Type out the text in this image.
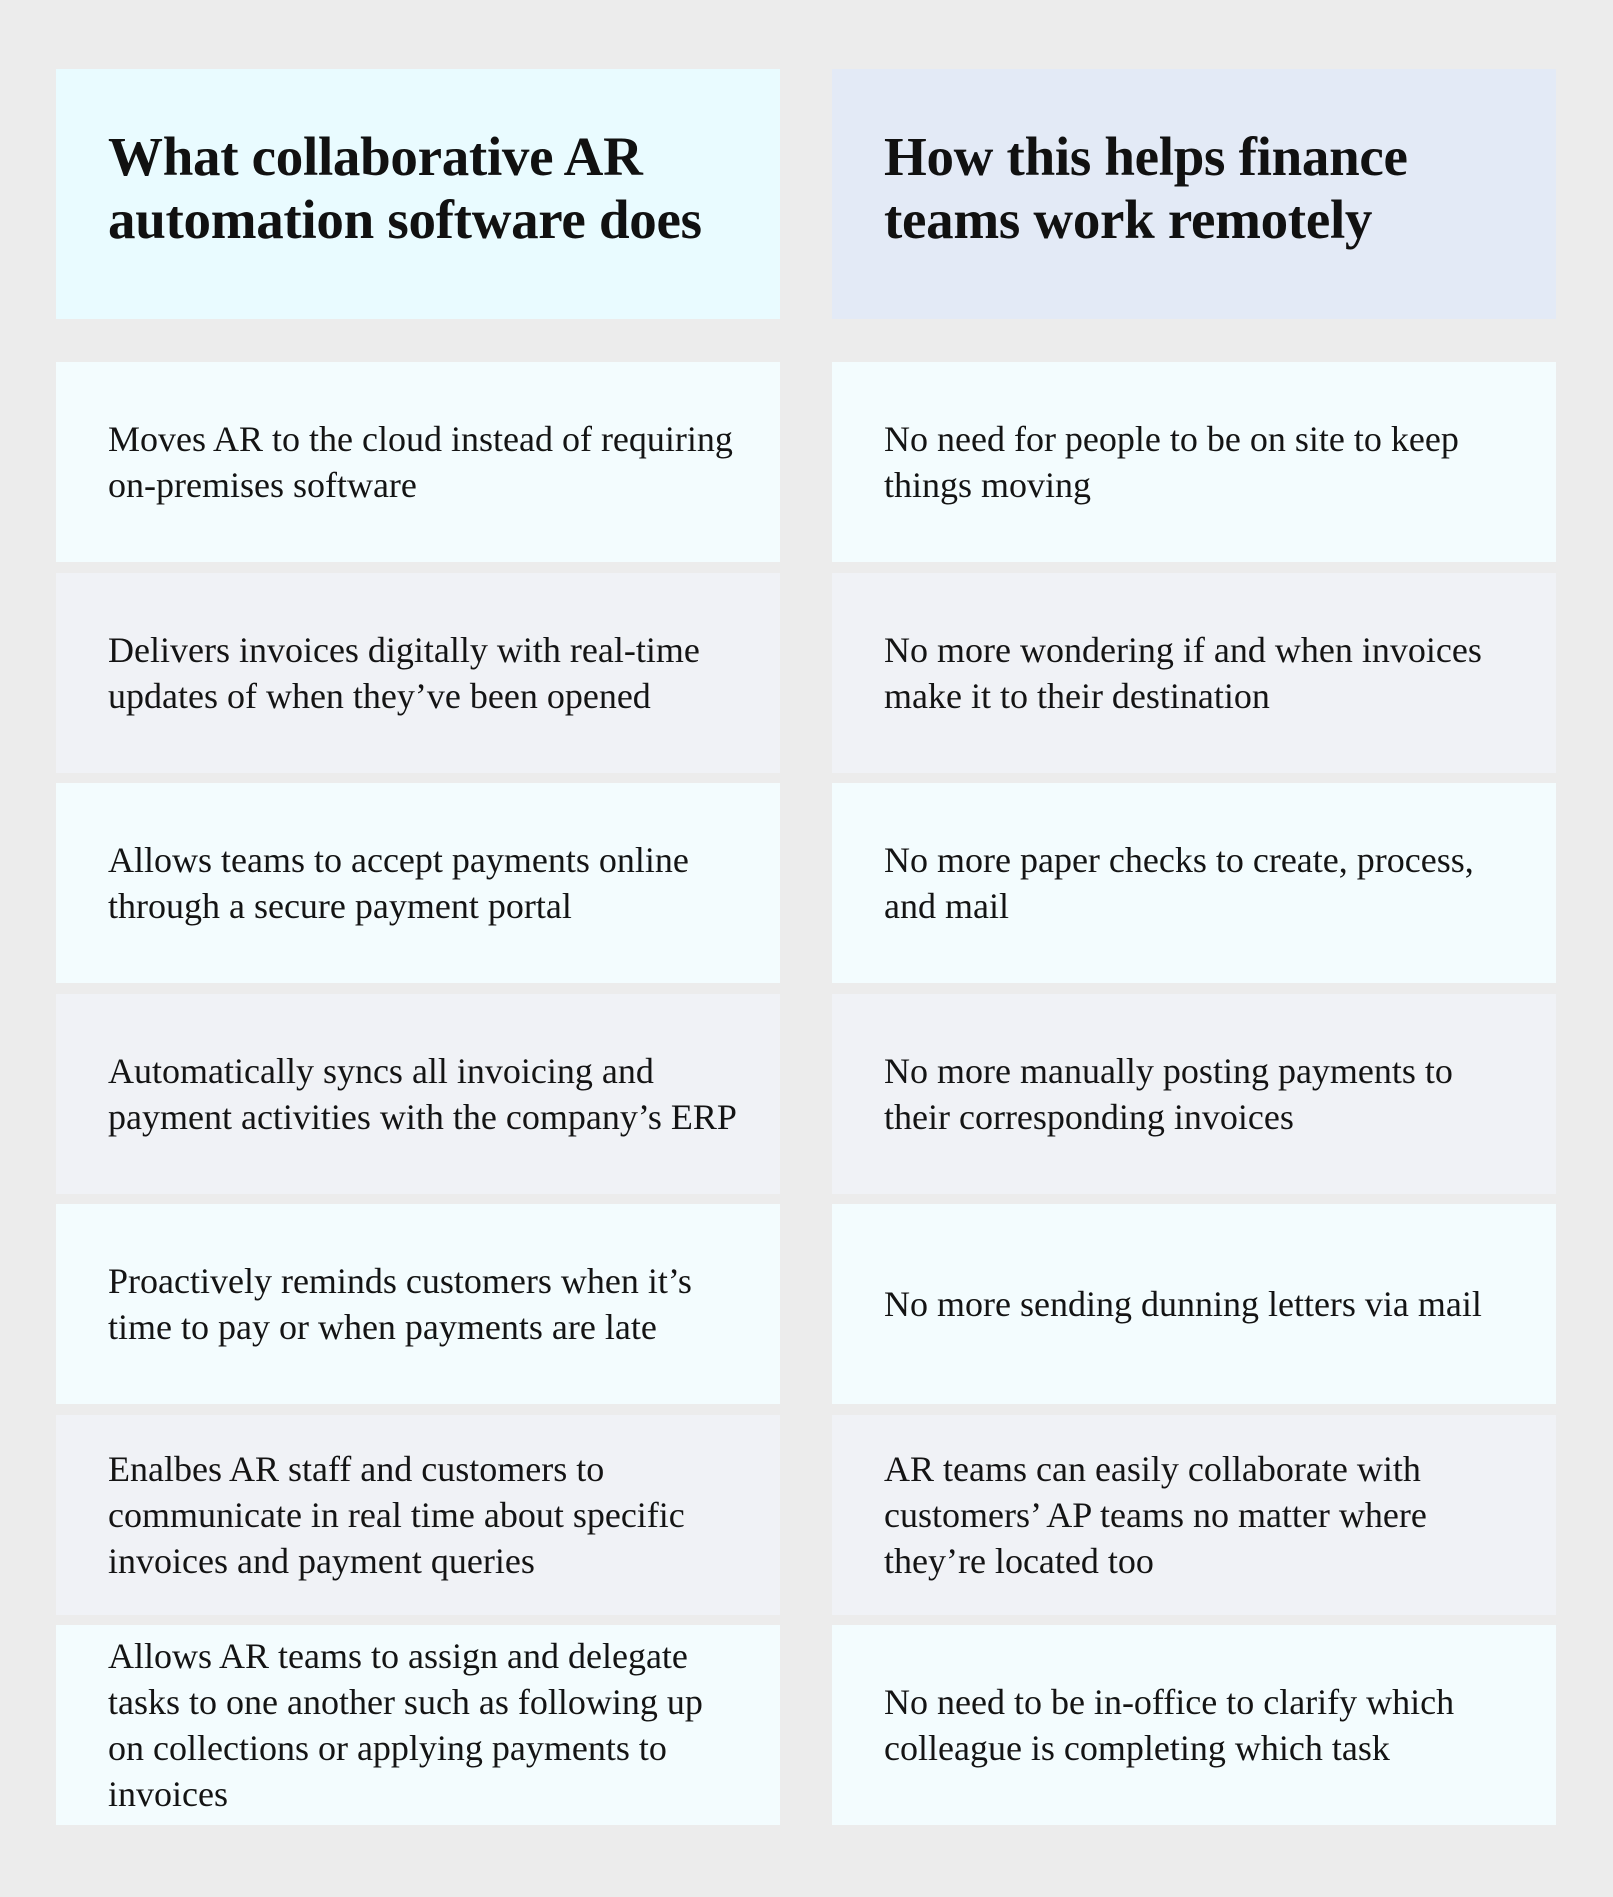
What collaborative AR automation software does
How this helps finance teams work remotely

Moves AR to the cloud instead of requiring on-premises software

No need for people to be on site to keep things moving

Delivers invoices digitally with real-time updates of when they’ve been opened

No more wondering if and when invoices make it to their destination

Allows teams to accept payments online through a secure payment portal

No more paper checks to create, process, and mail

Automatically syncs all invoicing and payment activities with the company’s ERP

No more manually posting payments to their corresponding invoices

Proactively reminds customers when it’s time to pay or when payments are late

No more sending dunning letters via mail

Enalbes AR staff and customers to communicate in real time about specific invoices and payment queries

AR teams can easily collaborate with customers’ AP teams no matter where they’re located too

Allows AR teams to assign and delegate tasks to one another such as following up on collections or applying payments to invoices

No need to be in-office to clarify which colleague is completing which task
